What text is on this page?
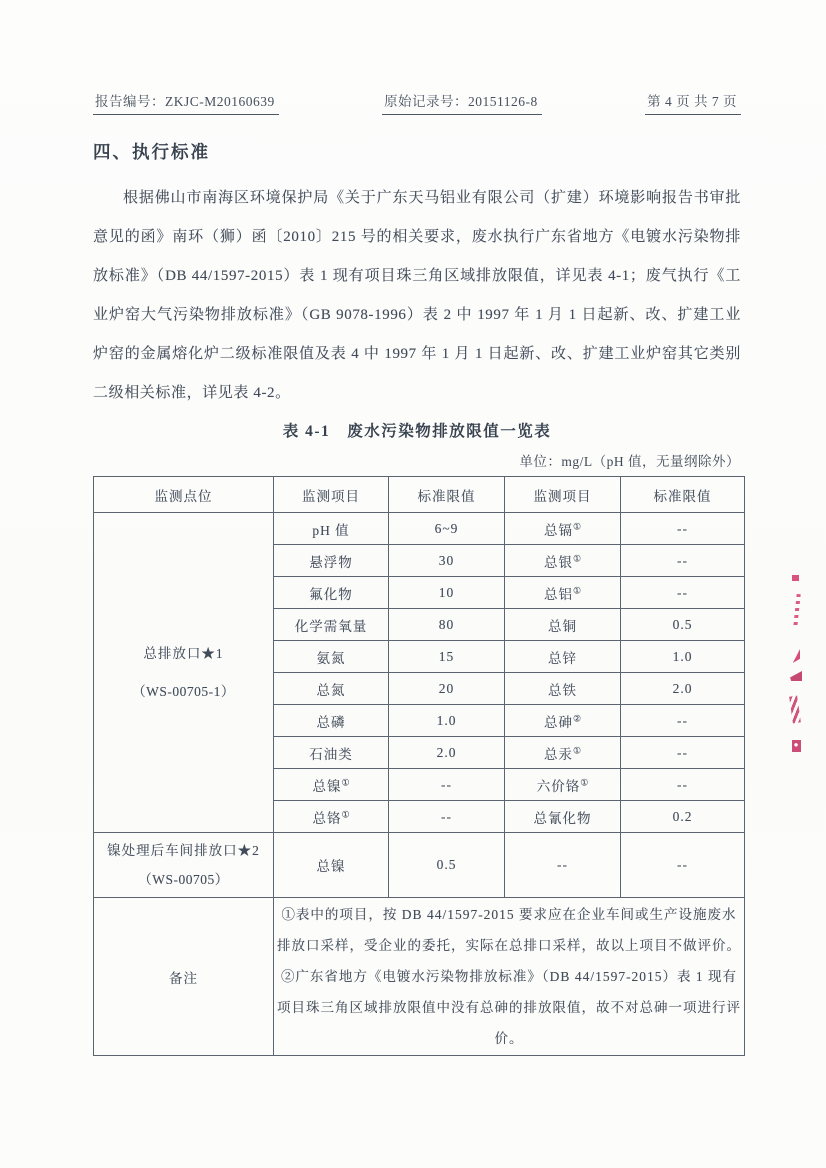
报告编号：ZKJC-M20160639	原始记录号：20151126-8	第 4 页 共 7 页
四、执行标准
根据佛山市南海区环境保护局《关于广东天马铝业有限公司（扩建）环境影响报告书审批意见的函》南环（狮）函〔2010〕215 号的相关要求，废水执行广东省地方《电镀水污染物排放标准》（DB 44/1597-2015）表 1 现有项目珠三角区域排放限值，详见表 4-1；废气执行《工业炉窑大气污染物排放标准》（GB 9078-1996）表 2 中 1997 年 1 月 1 日起新、改、扩建工业炉窑的金属熔化炉二级标准限值及表 4 中 1997 年 1 月 1 日起新、改、扩建工业炉窑其它类别二级相关标准，详见表 4-2。
表 4-1　废水污染物排放限值一览表
单位：mg/L（pH 值，无量纲除外）
监测点位	监测项目	标准限值	监测项目	标准限值

总排放口★1
（WS-00705-1）	pH 值	6~9	总镉①	--
	悬浮物	30	总银①	--
	氟化物	10	总铝①	--
	化学需氧量	80	总铜	0.5
	氨氮	15	总锌	1.0
	总氮	20	总铁	2.0
	总磷	1.0	总砷②	--
	石油类	2.0	总汞①	--
	总镍①	--	六价铬①	--
	总铬①	--	总氰化物	0.2

镍处理后车间排放口★2
（WS-00705）	总镍	0.5	--	--
备注	①表中的项目，按 DB 44/1597-2015 要求应在企业车间或生产设施废水排放口采样，受企业的委托，实际在总排口采样，故以上项目不做评价。

②广东省地方《电镀水污染物排放标准》（DB 44/1597-2015）表 1 现有项目珠三角区域排放限值中没有总砷的排放限值，故不对总砷一项进行评价。			
